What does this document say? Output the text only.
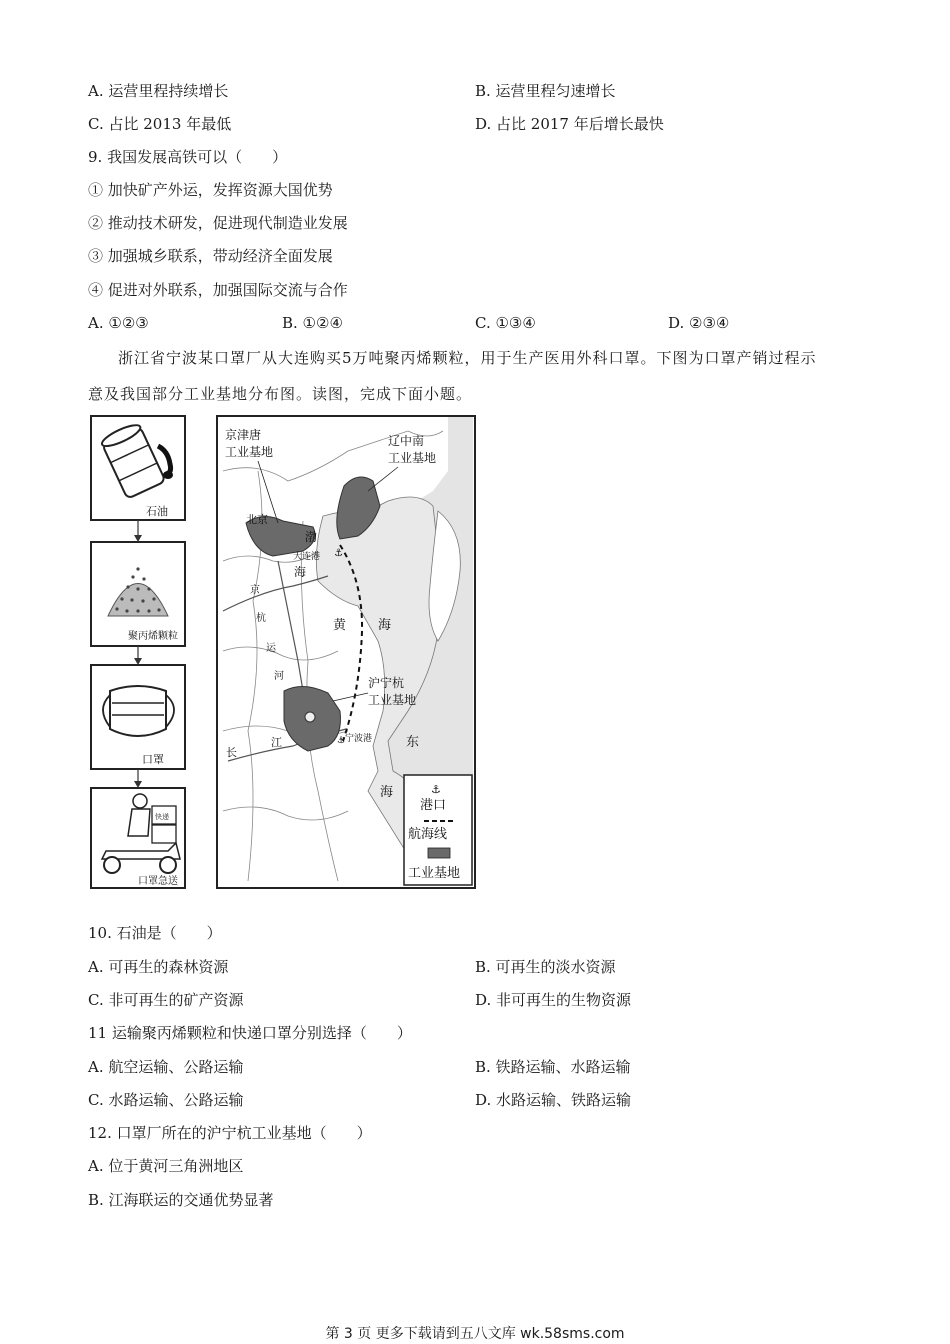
A. 运营里程持续增长	B. 运营里程匀速增长
C. 占比 2013 年最低	D. 占比 2017 年后增长最快
9. 我国发展高铁可以（　　）
① 加快矿产外运，发挥资源大国优势
② 推动技术研发，促进现代制造业发展
③ 加强城乡联系，带动经济全面发展
④ 促进对外联系，加强国际交流与合作
A. ①②③	B. ①②④	C. ①③④	D. ②③④
浙江省宁波某口罩厂从大连购买5万吨聚丙烯颗粒，用于生产医用外科口罩。下图为口罩产销过程示
意及我国部分工业基地分布图。读图，完成下面小题。
石油
聚丙烯颗粒
口罩
快递
口罩急送
⚓
⚓
京津唐
工业基地
辽中南
工业基地
沪宁杭
工业基地
北京
渤
海
大连港
黄 海
东
海
宁波港
京
杭
运
河
长
江
⚓
港口
航海线
工业基地
10. 石油是（　　）
A. 可再生的森林资源	B. 可再生的淡水资源
C. 非可再生的矿产资源	D. 非可再生的生物资源
11 运输聚丙烯颗粒和快递口罩分别选择（　　）
A. 航空运输、公路运输	B. 铁路运输、水路运输
C. 水路运输、公路运输	D. 水路运输、铁路运输
12. 口罩厂所在的沪宁杭工业基地（　　）
A. 位于黄河三角洲地区
B. 江海联运的交通优势显著
第 3 页 更多下载请到五八文库 wk.58sms.com
